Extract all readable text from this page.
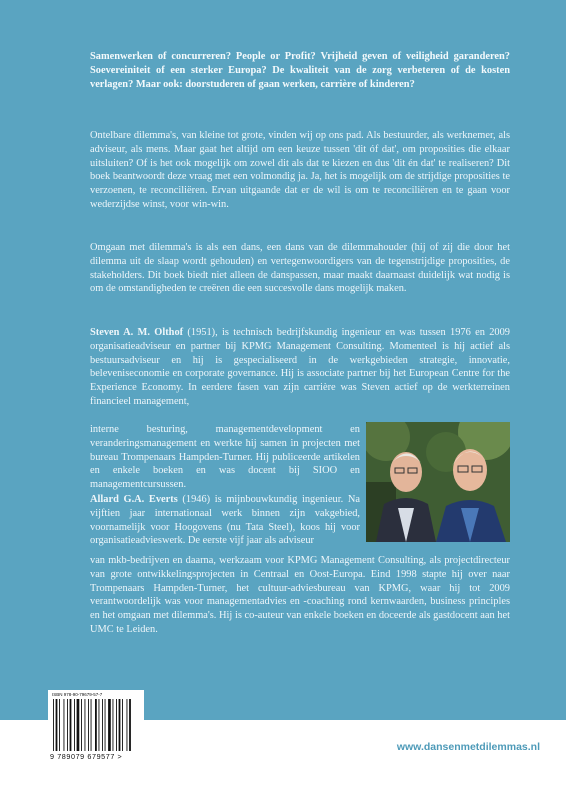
Samenwerken of concurreren? People or Profit? Vrijheid geven of veiligheid garanderen? Soevereiniteit of een sterker Europa? De kwaliteit van de zorg verbeteren of de kosten verlagen? Maar ook: doorstuderen of gaan werken, carrière of kinderen?

Ontelbare dilemma's, van kleine tot grote, vinden wij op ons pad. Als bestuurder, als werknemer, als adviseur, als mens. Maar gaat het altijd om een keuze tussen 'dit óf dat', om proposities die elkaar uitsluiten? Of is het ook mogelijk om zowel dit als dat te kiezen en dus 'dit én dat' te realiseren? Dit boek beantwoordt deze vraag met een volmondig ja. Ja, het is mogelijk om de strijdige proposities te verzoenen, te reconciliëren. Ervan uitgaande dat er de wil is om te reconciliëren en te gaan voor wederzijdse winst, voor win-win.

Omgaan met dilemma's is als een dans, een dans van de dilemmahouder (hij of zij die door het dilemma uit de slaap wordt gehouden) en vertegenwoordigers van de tegenstrijdige proposities, de stakeholders. Dit boek biedt niet alleen de danspassen, maar maakt daarnaast duidelijk wat nodig is om de omstandigheden te creëren die een succesvolle dans mogelijk maken.

Steven A. M. Olthof (1951), is technisch bedrijfskundig ingenieur en was tussen 1976 en 2009 organisatieadviseur en partner bij KPMG Management Consulting. Momenteel is hij actief als bestuursadviseur en hij is gespecialiseerd in de werkgebieden strategie, innovatie, beleveniseconomie en corporate governance. Hij is associate partner bij het European Centre for the Experience Economy. In eerdere fasen van zijn carrière was Steven actief op de werkterreinen financieel management,

interne besturing, managementdevelopment en veranderingsmanagement en werkte hij samen in projecten met bureau Trompenaars Hampden-Turner. Hij publiceerde artikelen en enkele boeken en was docent bij SIOO en managementcursussen.

Allard G.A. Everts (1946) is mijnbouwkundig ingenieur. Na vijftien jaar internationaal werk binnen zijn vakgebied, voornamelijk voor Hoogovens (nu Tata Steel), koos hij voor organisatieadvieswerk. De eerste vijf jaar als adviseur

van mkb-bedrijven en daarna, werkzaam voor KPMG Management Consulting, als projectdirecteur van grote ontwikkelingsprojecten in Centraal en Oost-Europa. Eind 1998 stapte hij over naar Trompenaars Hampden-Turner, het cultuur-adviesbureau van KPMG, waar hij tot 2009 verantwoordelijk was voor managementadvies en -coaching rond kernwaarden, business principles en het omgaan met dilemma's. Hij is co-auteur van enkele boeken en doceerde als gastdocent aan het UMC te Leiden.

ISBN 978-90-79679-57-7
9 789079 679577 >
www.dansenmetdilemmas.nl
